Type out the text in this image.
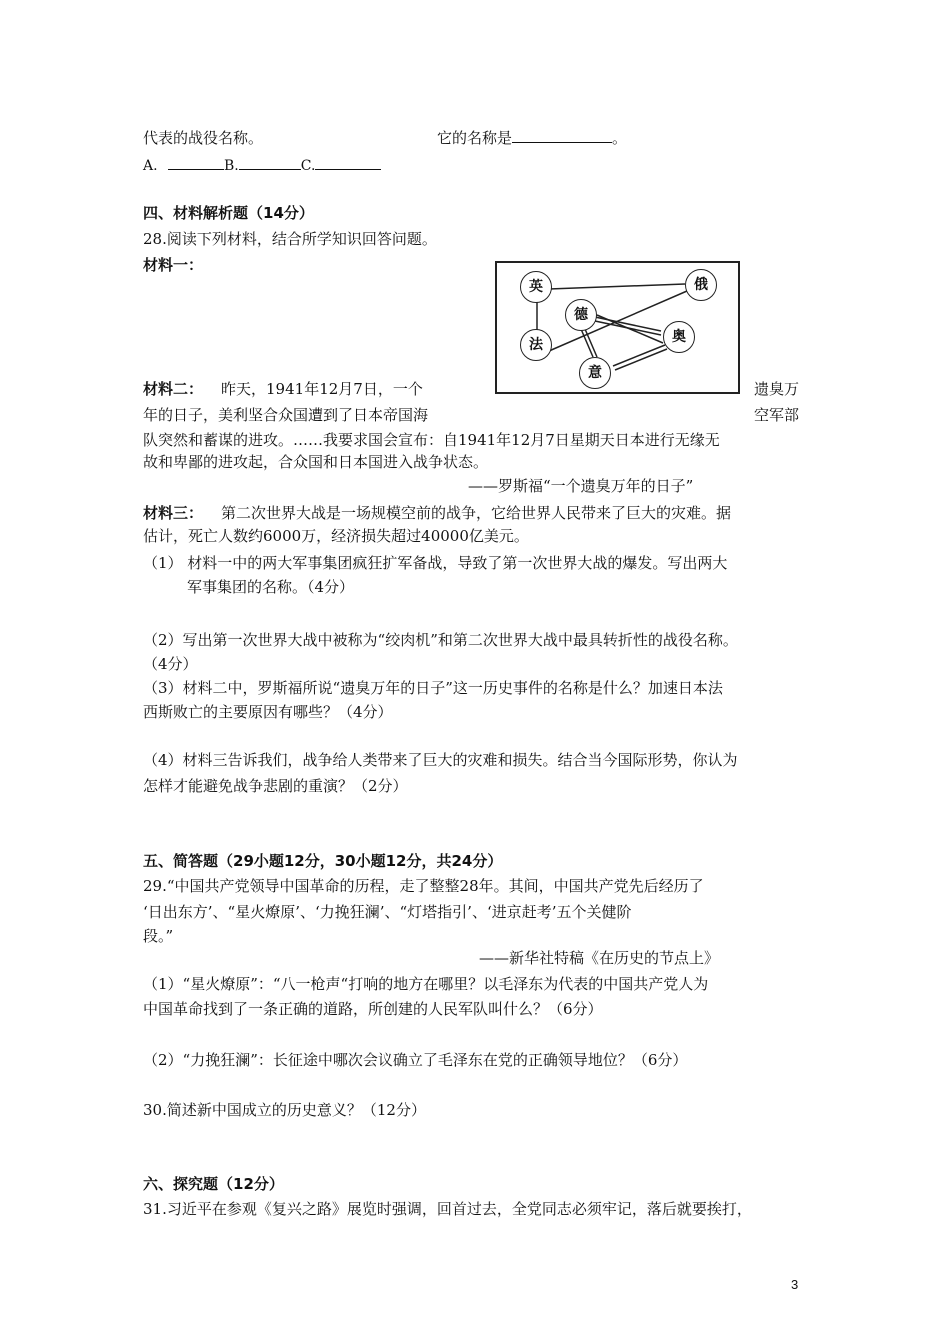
代表的战役名称。	它的名称是	。
A.	B.	C.
四、材料解析题（14分）
28.阅读下列材料，结合所学知识回答问题。
材料一：
英	俄
德
法	奥
意
材料二： 昨天，1941年12月7日，一个	遗臭万
年的日子，美利坚合众国遭到了日本帝国海	空军部
队突然和蓄谋的进攻。……我要求国会宣布：自1941年12月7日星期天日本进行无缘无
故和卑鄙的进攻起，合众国和日本国进入战争状态。
——罗斯福“一个遗臭万年的日子”
材料三： 第二次世界大战是一场规模空前的战争，它给世界人民带来了巨大的灾难。据
估计，死亡人数约6000万，经济损失超过40000亿美元。
（1） 材料一中的两大军事集团疯狂扩军备战，导致了第一次世界大战的爆发。写出两大
军事集团的名称。（4分）
（2）写出第一次世界大战中被称为“绞肉机”和第二次世界大战中最具转折性的战役名称。
（4分）
（3）材料二中，罗斯福所说“遗臭万年的日子”这一历史事件的名称是什么？加速日本法
西斯败亡的主要原因有哪些？（4分）
（4）材料三告诉我们，战争给人类带来了巨大的灾难和损失。结合当今国际形势，你认为
怎样才能避免战争悲剧的重演？（2分）
五、简答题（29小题12分，30小题12分，共24分）
29.“中国共产党领导中国革命的历程，走了整整28年。其间，中国共产党先后经历了
‘日出东方’、“星火燎原’、‘力挽狂澜’、“灯塔指引’、‘进京赶考’五个关健阶
段。”
——新华社特稿《在历史的节点上》
（1）“星火燎原”：“八一枪声“打响的地方在哪里？以毛泽东为代表的中国共产党人为
中国革命找到了一条正确的道路，所创建的人民军队叫什么？（6分）
（2）“力挽狂澜”：长征途中哪次会议确立了毛泽东在党的正确领导地位？（6分）
30.简述新中国成立的历史意义？（12分）
六、探究题（12分）
31.习近平在参观《复兴之路》展览时强调，回首过去，全党同志必须牢记，落后就要挨打，
3
